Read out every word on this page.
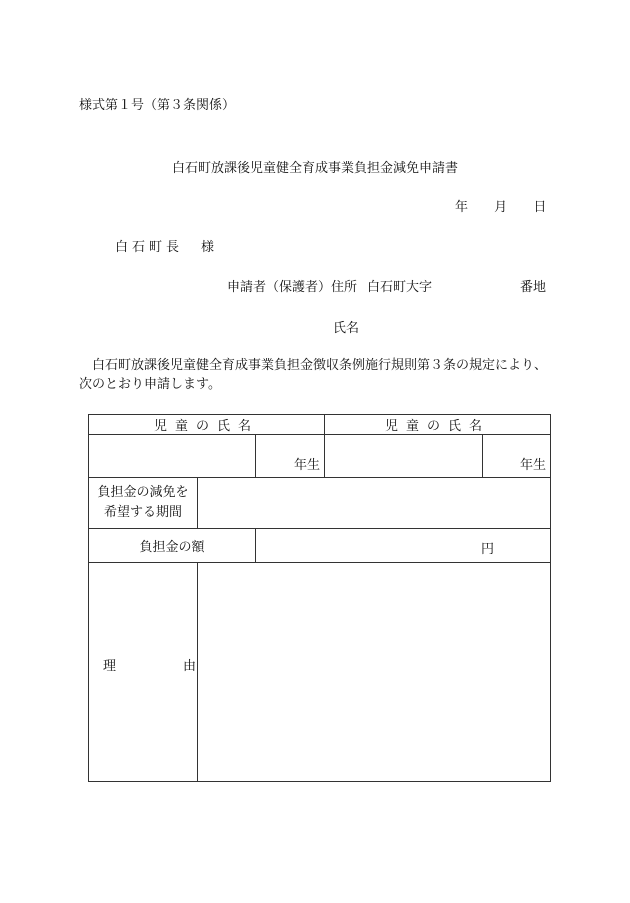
様式第１号（第３条関係）
白石町放課後児童健全育成事業負担金減免申請書
年 月 日
白石町長 様
申請者（保護者）住所 白石町大字	番地
氏名
白石町放課後児童健全育成事業負担金徴収条例施行規則第３条の規定により、次のとおり申請します。
児童の氏名			児童の氏名	
		年生		年生

負担金の減免を
希望する期間				

負担金の額		円		

理 由				
